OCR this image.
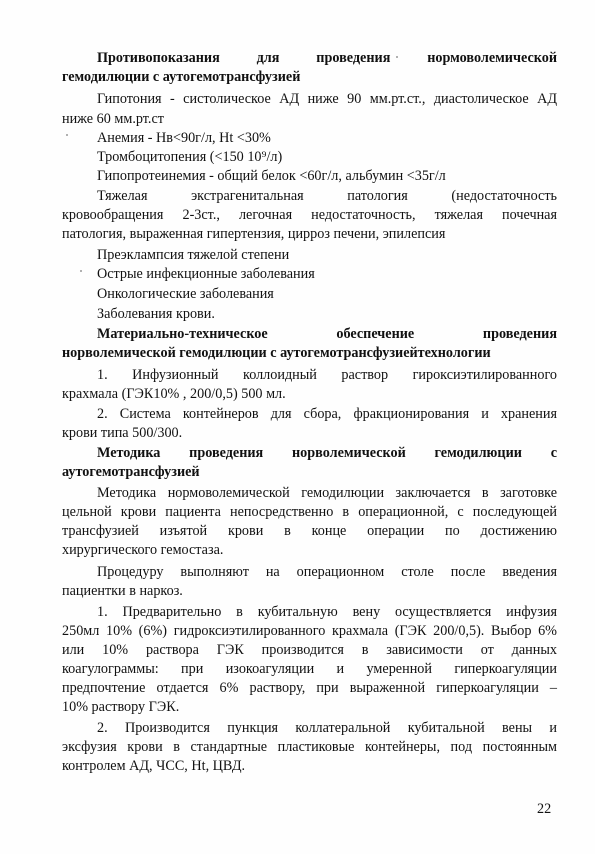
Противопоказания для проведения нормоволемической
гемодилюции с аутогемотрансфузией
Гипотония - систолическое АД ниже 90 мм.рт.ст., диастолическое АД
ниже 60 мм.рт.ст
Анемия - Нв<90г/л, Ht <30%
Тромбоцитопения (<150 10⁹/л)
Гипопротеинемия - общий белок <60г/л, альбумин <35г/л
Тяжелая экстрагенитальная патология (недостаточность
кровообращения 2-3ст., легочная недостаточность, тяжелая почечная
патология, выраженная гипертензия, цирроз печени, эпилепсия
Преэклампсия тяжелой степени
Острые инфекционные заболевания
Онкологические заболевания
Заболевания крови.
Материально-техническое обеспечение проведения
норволемической гемодилюции с аутогемотрансфузиейтехнологии
1. Инфузионный коллоидный раствор гироксиэтилированного
крахмала (ГЭК10% , 200/0,5) 500 мл.
2. Система контейнеров для сбора, фракционирования и хранения
крови типа 500/300.
Методика проведения норволемической гемодилюции с
аутогемотрансфузией
Методика нормоволемической гемодилюции заключается в заготовке
цельной крови пациента непосредственно в операционной, с последующей
трансфузией изъятой крови в конце операции по достижению
хирургического гемостаза.
Процедуру выполняют на операционном столе после введения
пациентки в наркоз.
1. Предварительно в кубитальную вену осуществляется инфузия
250мл 10% (6%) гидроксиэтилированного крахмала (ГЭК 200/0,5). Выбор 6%
или 10% раствора ГЭК производится в зависимости от данных
коагулограммы: при изокоагуляции и умеренной гиперкоагуляции
предпочтение отдается 6% раствору, при выраженной гиперкоагуляции –
10% раствору ГЭК.
2. Производится пункция коллатеральной кубитальной вены и
эксфузия крови в стандартные пластиковые контейнеры, под постоянным
контролем АД, ЧСС, Ht, ЦВД.
22
